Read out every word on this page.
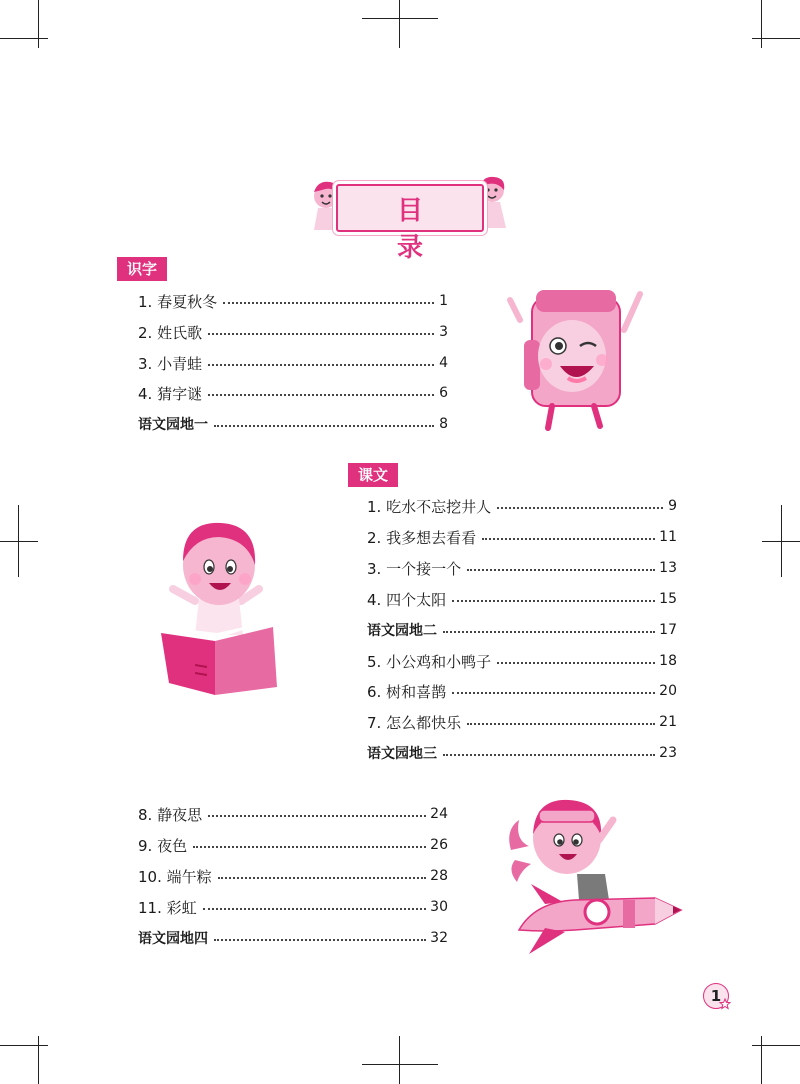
目 录
识字
1. 春夏秋冬	1
2. 姓氏歌	3
3. 小青蛙	4
4. 猜字谜	6
语文园地一	8
课文
1. 吃水不忘挖井人	9
2. 我多想去看看	11
3. 一个接一个	13
4. 四个太阳	15
语文园地二	17
5. 小公鸡和小鸭子	18
6. 树和喜鹊	20
7. 怎么都快乐	21
语文园地三	23
8. 静夜思	24
9. 夜色	26
10. 端午粽	28
11. 彩虹	30
语文园地四	32
1
